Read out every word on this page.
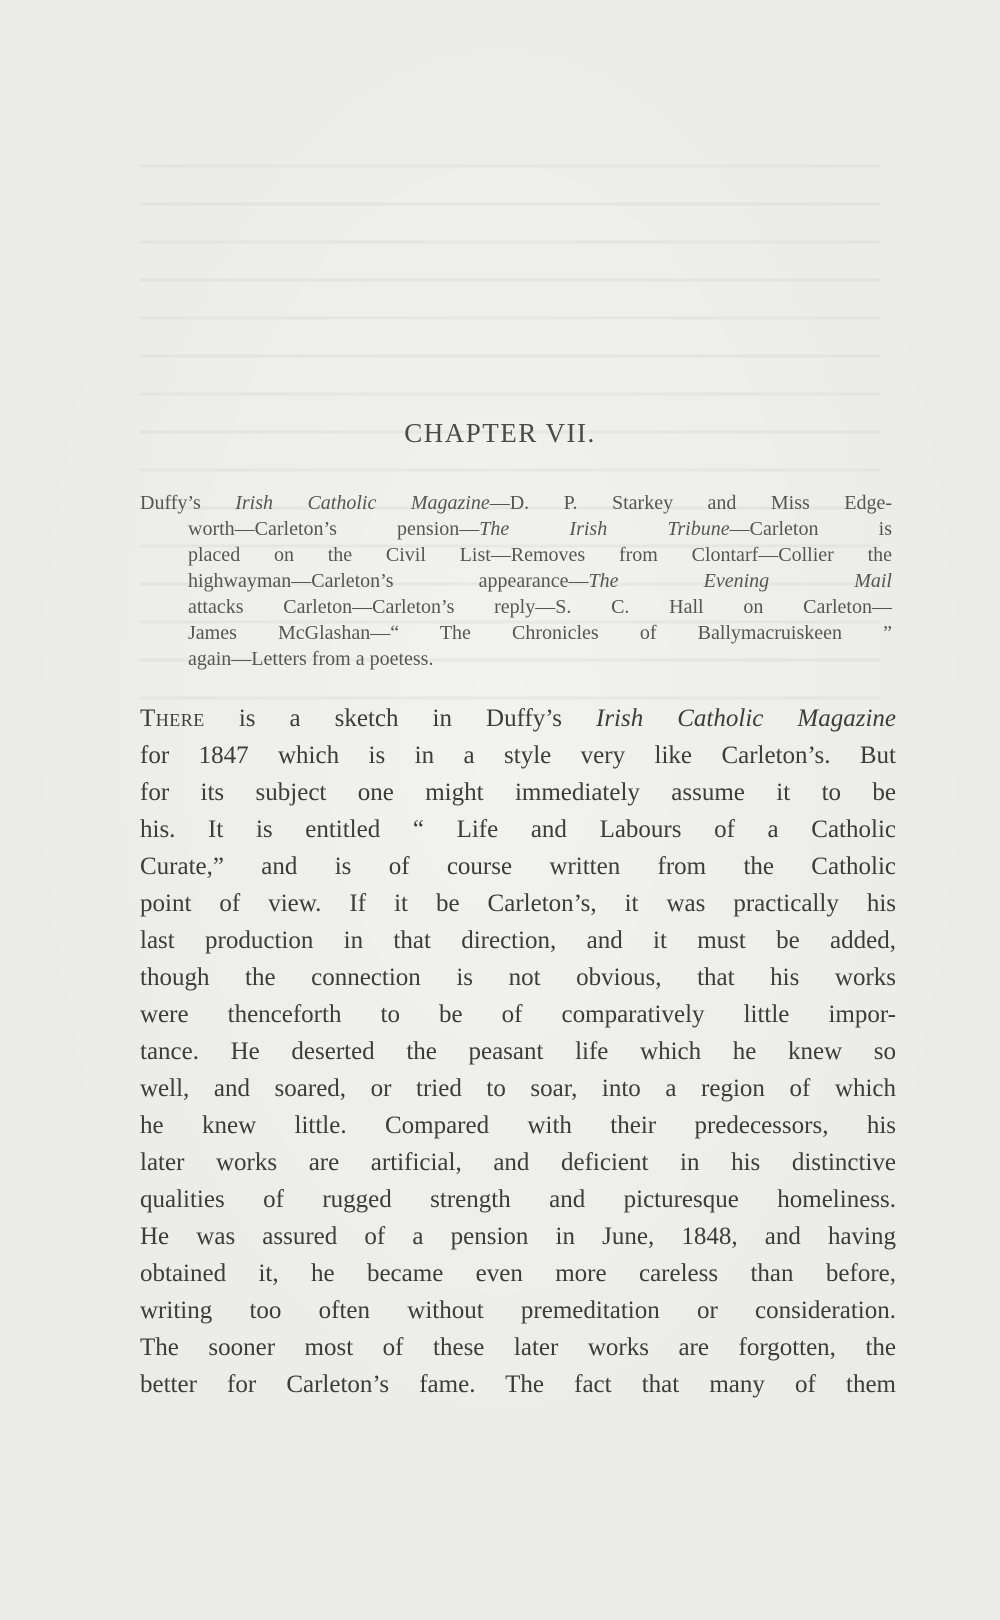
CHAPTER VII.
Duffy’s Irish Catholic Magazine—D. P. Starkey and Miss Edge-
worth—Carleton’s pension—The Irish Tribune—Carleton is
placed on the Civil List—Removes from Clontarf—Collier the
highwayman—Carleton’s appearance—The Evening Mail
attacks Carleton—Carleton’s reply—S. C. Hall on Carleton—
James McGlashan—“ The Chronicles of Ballymacruiskeen ”
again—Letters from a poetess.
There is a sketch in Duffy’s Irish Catholic Magazine
for 1847 which is in a style very like Carleton’s. But
for its subject one might immediately assume it to be
his. It is entitled “ Life and Labours of a Catholic
Curate,” and is of course written from the Catholic
point of view. If it be Carleton’s, it was practically his
last production in that direction, and it must be added,
though the connection is not obvious, that his works
were thenceforth to be of comparatively little impor-
tance. He deserted the peasant life which he knew so
well, and soared, or tried to soar, into a region of which
he knew little. Compared with their predecessors, his
later works are artificial, and deficient in his distinctive
qualities of rugged strength and picturesque homeliness.
He was assured of a pension in June, 1848, and having
obtained it, he became even more careless than before,
writing too often without premeditation or consideration.
The sooner most of these later works are forgotten, the
better for Carleton’s fame. The fact that many of them
